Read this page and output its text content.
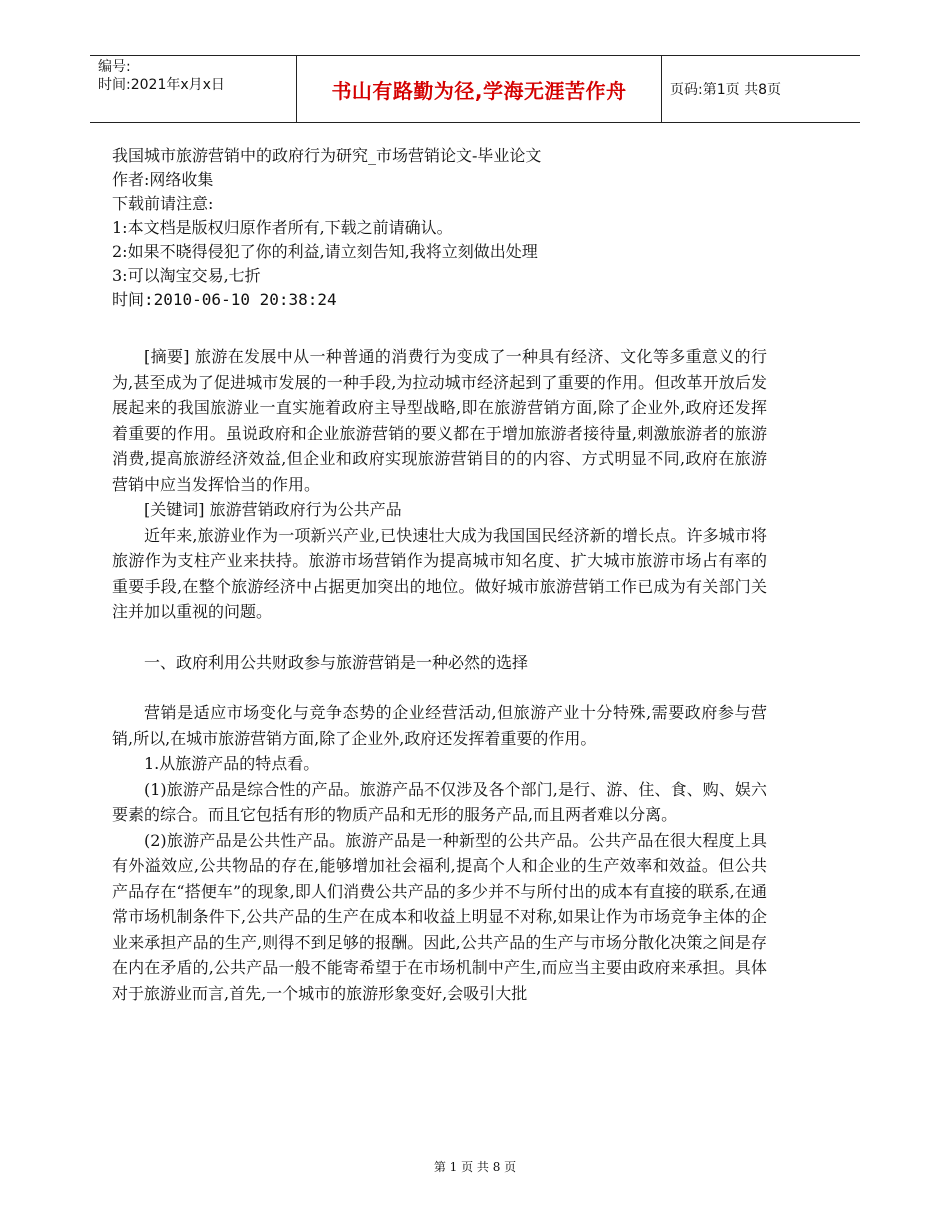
编号:
时间:2021年x月x日	书山有路勤为径,学海无涯苦作舟	页码:第1页 共8页

我国城市旅游营销中的政府行为研究_市场营销论文-毕业论文

作者:网络收集

下载前请注意:

1:本文档是版权归原作者所有,下载之前请确认。

2:如果不晓得侵犯了你的利益,请立刻告知,我将立刻做出处理

3:可以淘宝交易,七折

时间:2010-06-10 20:38:24

[摘要] 旅游在发展中从一种普通的消费行为变成了一种具有经济、文化等多重意义的行为,甚至成为了促进城市发展的一种手段,为拉动城市经济起到了重要的作用。但改革开放后发展起来的我国旅游业一直实施着政府主导型战略,即在旅游营销方面,除了企业外,政府还发挥着重要的作用。虽说政府和企业旅游营销的要义都在于增加旅游者接待量,刺激旅游者的旅游消费,提高旅游经济效益,但企业和政府实现旅游营销目的的内容、方式明显不同,政府在旅游营销中应当发挥恰当的作用。

[关键词] 旅游营销政府行为公共产品

近年来,旅游业作为一项新兴产业,已快速壮大成为我国国民经济新的增长点。许多城市将旅游作为支柱产业来扶持。旅游市场营销作为提高城市知名度、扩大城市旅游市场占有率的重要手段,在整个旅游经济中占据更加突出的地位。做好城市旅游营销工作已成为有关部门关注并加以重视的问题。

一、政府利用公共财政参与旅游营销是一种必然的选择

营销是适应市场变化与竞争态势的企业经营活动,但旅游产业十分特殊,需要政府参与营销,所以,在城市旅游营销方面,除了企业外,政府还发挥着重要的作用。

1.从旅游产品的特点看。

(1)旅游产品是综合性的产品。旅游产品不仅涉及各个部门,是行、游、住、食、购、娱六要素的综合。而且它包括有形的物质产品和无形的服务产品,而且两者难以分离。

(2)旅游产品是公共性产品。旅游产品是一种新型的公共产品。公共产品在很大程度上具有外溢效应,公共物品的存在,能够增加社会福利,提高个人和企业的生产效率和效益。但公共产品存在“搭便车”的现象,即人们消费公共产品的多少并不与所付出的成本有直接的联系,在通常市场机制条件下,公共产品的生产在成本和收益上明显不对称,如果让作为市场竞争主体的企业来承担产品的生产,则得不到足够的报酬。因此,公共产品的生产与市场分散化决策之间是存在内在矛盾的,公共产品一般不能寄希望于在市场机制中产生,而应当主要由政府来承担。具体对于旅游业而言,首先,一个城市的旅游形象变好,会吸引大批

第 1 页 共 8 页
